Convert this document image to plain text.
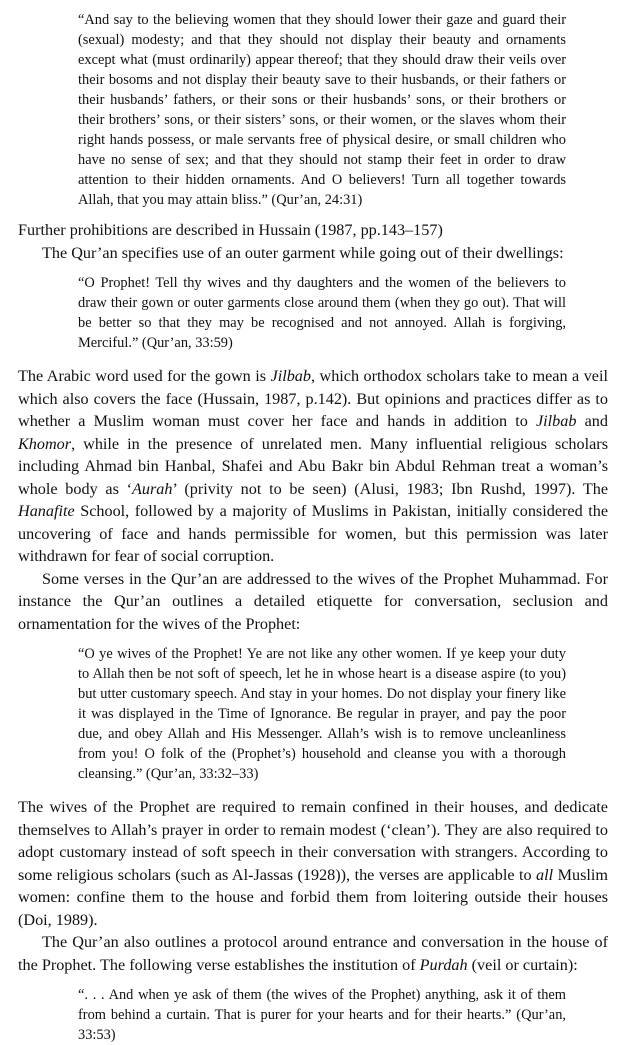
“And say to the believing women that they should lower their gaze and guard their (sexual) modesty; and that they should not display their beauty and ornaments except what (must ordinarily) appear thereof; that they should draw their veils over their bosoms and not display their beauty save to their husbands, or their fathers or their husbands’ fathers, or their sons or their husbands’ sons, or their brothers or their brothers’ sons, or their sisters’ sons, or their women, or the slaves whom their right hands possess, or male servants free of physical desire, or small children who have no sense of sex; and that they should not stamp their feet in order to draw attention to their hidden ornaments. And O believers! Turn all together towards Allah, that you may attain bliss.” (Qur’an, 24:31)

Further prohibitions are described in Hussain (1987, pp.143–157)

The Qur’an specifies use of an outer garment while going out of their dwellings:

“O Prophet! Tell thy wives and thy daughters and the women of the believers to draw their gown or outer garments close around them (when they go out). That will be better so that they may be recognised and not annoyed. Allah is forgiving, Merciful.” (Qur’an, 33:59)

The Arabic word used for the gown is Jilbab, which orthodox scholars take to mean a veil which also covers the face (Hussain, 1987, p.142). But opinions and practices differ as to whether a Muslim woman must cover her face and hands in addition to Jilbab and Khomor, while in the presence of unrelated men. Many influential religious scholars including Ahmad bin Hanbal, Shafei and Abu Bakr bin Abdul Rehman treat a woman’s whole body as ‘Aurah’ (privity not to be seen) (Alusi, 1983; Ibn Rushd, 1997). The Hanafite School, followed by a majority of Muslims in Pakistan, initially considered the uncovering of face and hands permissible for women, but this permission was later withdrawn for fear of social corruption.

Some verses in the Qur’an are addressed to the wives of the Prophet Muhammad. For instance the Qur’an outlines a detailed etiquette for conversation, seclusion and ornamentation for the wives of the Prophet:

“O ye wives of the Prophet! Ye are not like any other women. If ye keep your duty to Allah then be not soft of speech, let he in whose heart is a disease aspire (to you) but utter customary speech. And stay in your homes. Do not display your finery like it was displayed in the Time of Ignorance. Be regular in prayer, and pay the poor due, and obey Allah and His Messenger. Allah’s wish is to remove uncleanliness from you! O folk of the (Prophet’s) household and cleanse you with a thorough cleansing.” (Qur’an, 33:32–33)

The wives of the Prophet are required to remain confined in their houses, and dedicate themselves to Allah’s prayer in order to remain modest (‘clean’). They are also required to adopt customary instead of soft speech in their conversation with strangers. According to some religious scholars (such as Al-Jassas (1928)), the verses are applicable to all Muslim women: confine them to the house and forbid them from loitering outside their houses (Doi, 1989).

The Qur’an also outlines a protocol around entrance and conversation in the house of the Prophet. The following verse establishes the institution of Purdah (veil or curtain):

“. . . And when ye ask of them (the wives of the Prophet) anything, ask it of them from behind a curtain. That is purer for your hearts and for their hearts.” (Qur’an, 33:53)
